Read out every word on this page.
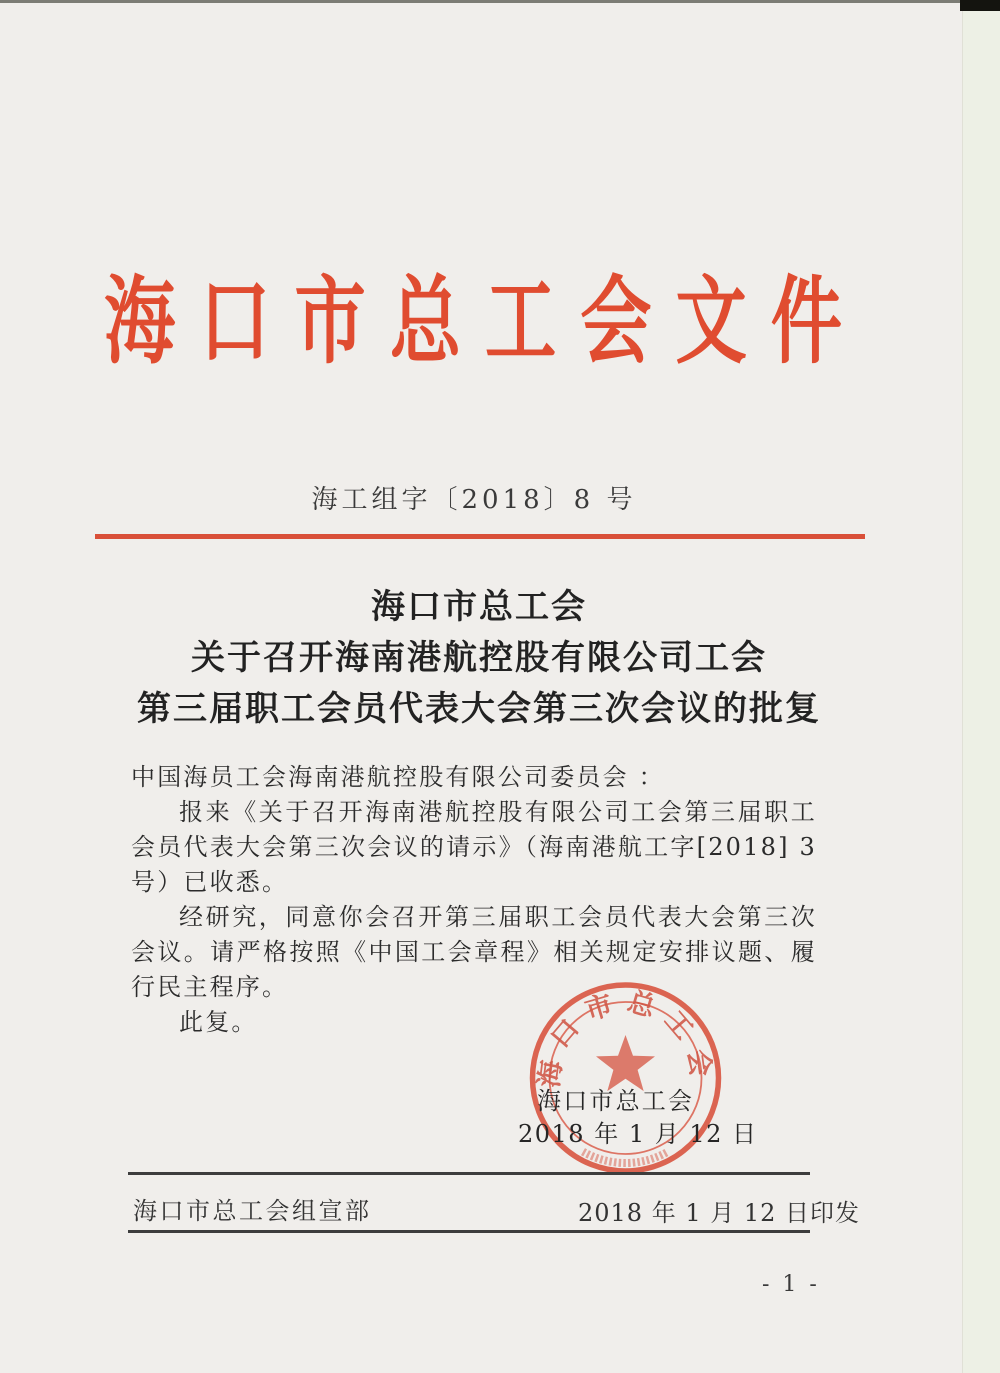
海口市总工会文件
海工组字〔2018〕8 号
海口市总工会
关于召开海南港航控股有限公司工会
第三届职工会员代表大会第三次会议的批复

中国海员工会海南港航控股有限公司委员会 ：

报来《关于召开海南港航控股有限公司工会第三届职工会员代表大会第三次会议的请示》（海南港航工字[2018] 3号）已收悉。

经研究，同意你会召开第三届职工会员代表大会第三次会议。请严格按照《中国工会章程》相关规定安排议题、履行民主程序。

此复。

海口市总工会
海口市总工会
2018 年 1 月 12 日
海口市总工会组宣部	2018 年 1 月 12 日印发
- 1 -
